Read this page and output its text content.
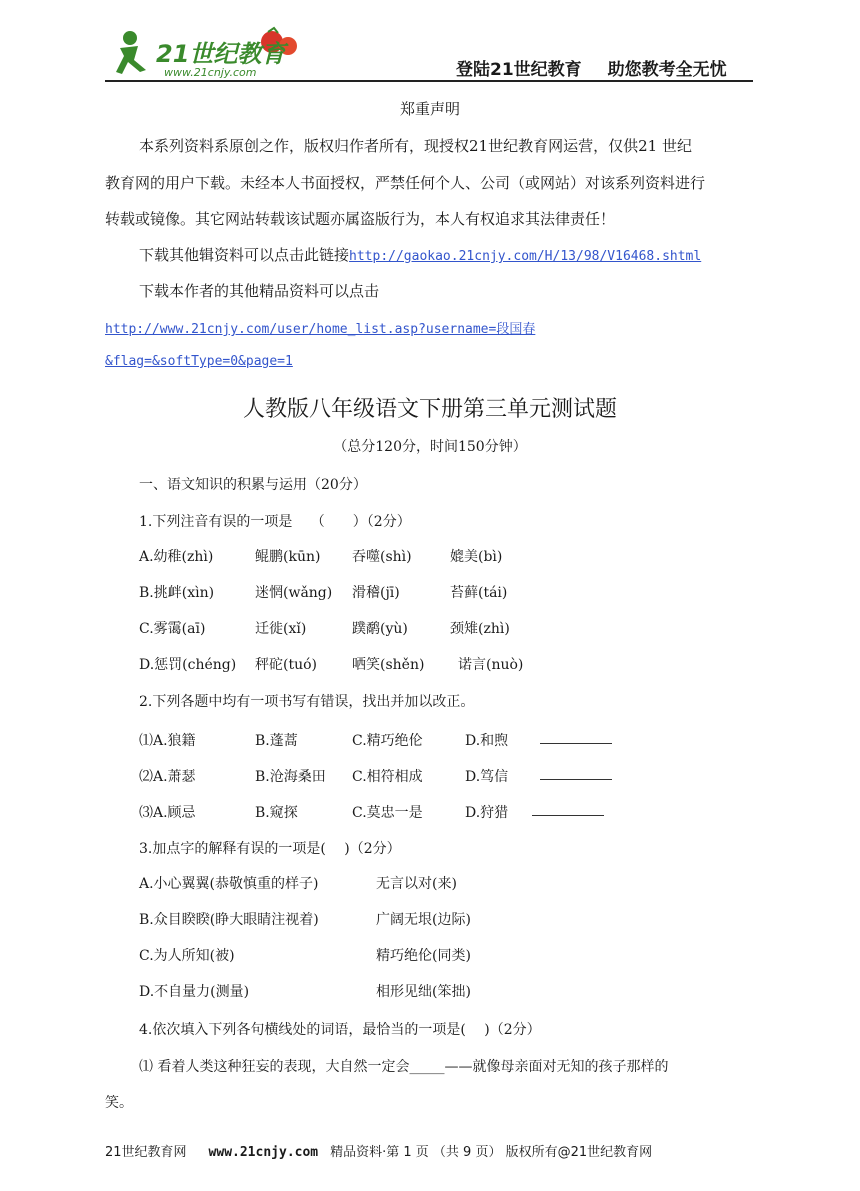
21世纪教育
www.21cnjy.com	登陆21世纪教育 助您教考全无忧
郑重声明
本系列资料系原创之作，版权归作者所有，现授权21世纪教育网运营，仅供21 世纪
教育网的用户下载。未经本人书面授权，严禁任何个人、公司（或网站）对该系列资料进行
转载或镜像。其它网站转载该试题亦属盗版行为，本人有权追求其法律责任！
下载其他辑资料可以点击此链接http://gaokao.21cnjy.com/H/13/98/V16468.shtml
下载本作者的其他精品资料可以点击
http://www.21cnjy.com/user/home_list.asp?username=段国春
&flag=&softType=0&page=1
人教版八年级语文下册第三单元测试题
（总分120分，时间150分钟）
一、语文知识的积累与运用（20分）
1.下列注音有误的一项是　 （　　）（2分）
A.幼稚(zhì)	鲲鹏(kūn) 吞噬(shì)	媲美(bì)
B.挑衅(xìn)	迷惘(wǎng) 滑稽(jī)	苔藓(tái)
C.雾霭(aī)	迁徙(xǐ)	蹼鹬(yù)	颈雉(zhì)
D.惩罚(chéng) 秤砣(tuó)	哂笑(shěn) 诺言(nuò)
2.下列各题中均有一项书写有错误，找出并加以改正。
⑴A.狼籍	B.蓬蒿	C.精巧绝伦	D.和煦
⑵A.萧瑟	B.沧海桑田 C.相符相成	D.笃信
⑶A.顾忌	B.窥探	C.莫忠一是	D.狩猎
3.加点字的解释有误的一项是(　 )（2分）
A.小心翼翼(恭敬慎重的样子)	无言以对(来)
B.众目睽睽(睁大眼睛注视着)	广阔无垠(边际)
C.为人所知(被)	精巧绝伦(同类)
D.不自量力(测量)	相形见绌(笨拙)
4.依次填入下列各句横线处的词语，最恰当的一项是(　 )（2分）
⑴ 看着人类这种狂妄的表现，大自然一定会_____——就像母亲面对无知的孩子那样的
笑。
21世纪教育网 www.21cnjy.com 精品资料·第 1 页 （共 9 页） 版权所有@21世纪教育网
